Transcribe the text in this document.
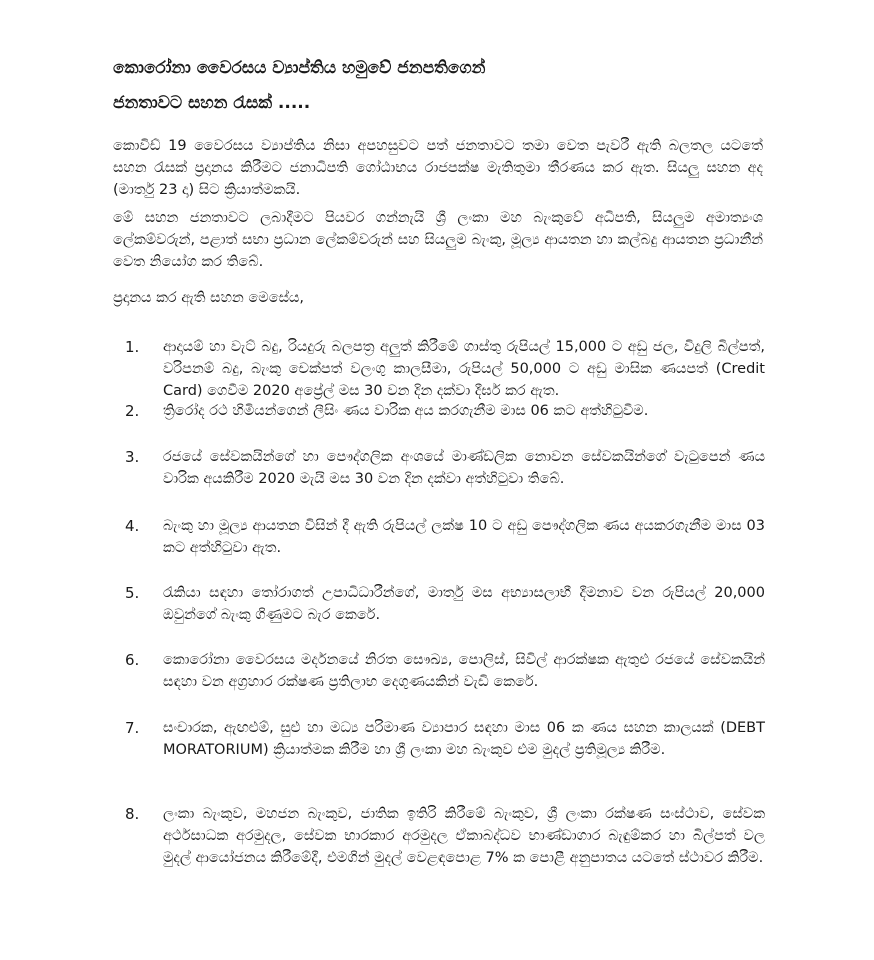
කොරෝනා වෛරසය ව්‍යාප්තිය හමුවේ ජනපතිගෙන්
ජනතාවට සහන රැසක් .....
කොවිඩ් 19 වෛරසය ව්‍යාප්තිය නිසා අපහසුවට පත් ජනතාවට තමා වෙත පැවරී ඇති බලතල යටතේ සහන රැසක් ප්‍රදානය කිරීමට ජනාධිපති ගෝඨාභය රාජපක්ෂ මැතිතුමා තීරණය කර ඇත. සියලු සහන අද (මාර්තු 23 දා) සිට ක්‍රියාත්මකයි.
මේ සහන ජනතාවට ලබාදීමට පියවර ගන්නැයි ශ්‍රී ලංකා මහ බැංකුවේ අධිපති, සියලුම අමාත්‍යංශ ලේකම්වරුන්, පළාත් සභා ප්‍රධාන ලේකම්වරුන් සහ සියලුම බැංකු, මූල්‍ය ආයතන හා කල්බදු ආයතන ප්‍රධානීන් වෙත නියෝග කර තිබේ.
ප්‍රදානය කර ඇති සහන මෙසේය,
1.	ආදායම් හා වැට් බදු, රියදුරු බලපත්‍ර අලුත් කිරීමේ ගාස්තු රුපියල් 15,000 ට අඩු ජල, විදුලි බිල්පත්, වරිපනම් බදු, බැංකු චෙක්පත් වලංගු කාලසීමා, රුපියල් 50,000 ට අඩු මාසික ණයපත් (Credit Card) ගෙවීම 2020 අප්‍රේල් මස 30 වන දින දක්වා දීර්ඝ කර ඇත.
2.	ත්‍රිරෝද රථ හිමියන්ගෙන් ලීසිං ණය වාරික අය කරගැනීම මාස 06 කට අත්හිටුවීම.
3.	රජයේ සේවකයින්ගේ හා පෞද්ගලික අංශයේ මාණ්ඩලික නොවන සේවකයින්ගේ වැටුපෙන් ණය වාරික අයකිරීම 2020 මැයි මස 30 වන දින දක්වා අත්හිටුවා තිබේ.
4.	බැංකු හා මූල්‍ය ආයතන විසින් දී ඇති රුපියල් ලක්ෂ 10 ට අඩු පෞද්ගලික ණය අයකරගැනීම මාස 03 කට අත්හිටුවා ඇත.
5.	රැකියා සඳහා තෝරාගත් උපාධිධාරීන්ගේ, මාර්තු මස අභ්‍යාසලාභී දීමනාව වන රුපියල් 20,000 ඔවුන්ගේ බැංකු ගිණුමට බැර කෙරේ.
6.	කොරෝනා වෛරසය මර්දනයේ නිරත සෞඛ්‍ය, පොලිස්, සිවිල් ආරක්ෂක ඇතුළු රජයේ සේවකයින් සඳහා වන අග්‍රහාර රක්ෂණ ප්‍රතිලාභ දෙගුණයකින් වැඩි කෙරේ.
7.	සංචාරක, ඇඟළුම්, සුළු හා මධ්‍ය පරිමාණ ව්‍යාපාර සඳහා මාස 06 ක ණය සහන කාලයක් (DEBT MORATORIUM) ක්‍රියාත්මක කිරීම හා ශ්‍රී ලංකා මහ බැංකුව එම මුදල් ප්‍රතිමූල්‍ය කිරීම.
8.	ලංකා බැංකුව, මහජන බැංකුව, ජාතික ඉතිරි කිරීමේ බැංකුව, ශ්‍රී ලංකා රක්ෂණ සංස්ථාව, සේවක අර්ථසාධක අරමුදල, සේවක භාරකාර අරමුදල ඒකාබද්ධව භාණ්ඩාගාර බැඳුම්කර හා බිල්පත් වල මුදල් ආයෝජනය කිරීමේදී, එමගින් මුදල් වෙළඳපොළ 7% ක පොළී අනුපාතය යටතේ ස්ථාවර කිරීම.
